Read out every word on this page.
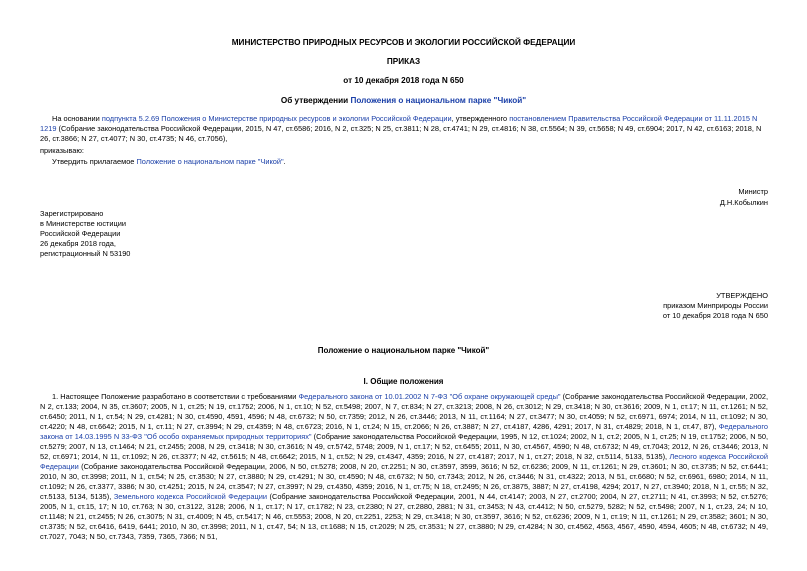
МИНИСТЕРСТВО ПРИРОДНЫХ РЕСУРСОВ И ЭКОЛОГИИ РОССИЙСКОЙ ФЕДЕРАЦИИ
ПРИКАЗ
от 10 декабря 2018 года N 650
Об утверждении Положения о национальном парке "Чикой"
На основании подпункта 5.2.69 Положения о Министерстве природных ресурсов и экологии Российской Федерации, утвержденного постановлением Правительства Российской Федерации от 11.11.2015 N 1219 (Собрание законодательства Российской Федерации, 2015, N 47, ст.6586; 2016, N 2, ст.325; N 25, ст.3811; N 28, ст.4741; N 29, ст.4816; N 38, ст.5564; N 39, ст.5658; N 49, ст.6904; 2017, N 42, ст.6163; 2018, N 26, ст.3866; N 27, ст.4077; N 30, ст.4735; N 46, ст.7056),
приказываю:
Утвердить прилагаемое Положение о национальном парке "Чикой".
Министр
Д.Н.Кобылкин
Зарегистрировано
в Министерстве юстиции
Российской Федерации
26 декабря 2018 года,
регистрационный N 53190
УТВЕРЖДЕНО
приказом Минприроды России
от 10 декабря 2018 года N 650
Положение о национальном парке "Чикой"
I. Общие положения
1. Настоящее Положение разработано в соответствии с требованиями Федерального закона от 10.01.2002 N 7-ФЗ "Об охране окружающей среды" (Собрание законодательства Российской Федерации, 2002, N 2, ст.133; 2004, N 35, ст.3607; 2005, N 1, ст.25; N 19, ст.1752; 2006, N 1, ст.10; N 52, ст.5498; 2007, N 7, ст.834; N 27, ст.3213; 2008, N 26, ст.3012; N 29, ст.3418; N 30, ст.3616; 2009, N 1, ст.17; N 11, ст.1261; N 52, ст.6450; 2011, N 1, ст.54; N 29, ст.4281; N 30, ст.4590, 4591, 4596; N 48, ст.6732; N 50, ст.7359; 2012, N 26, ст.3446; 2013, N 11, ст.1164; N 27, ст.3477; N 30, ст.4059; N 52, ст.6971, 6974; 2014, N 11, ст.1092; N 30, ст.4220; N 48, ст.6642; 2015, N 1, ст.11; N 27, ст.3994; N 29, ст.4359; N 48, ст.6723; 2016, N 1, ст.24; N 15, ст.2066; N 26, ст.3887; N 27, ст.4187, 4286, 4291; 2017, N 31, ст.4829; 2018, N 1, ст.47, 87), Федерального закона от 14.03.1995 N 33-ФЗ "Об особо охраняемых природных территориях" (Собрание законодательства Российской Федерации, 1995, N 12, ст.1024; 2002, N 1, ст.2; 2005, N 1, ст.25; N 19, ст.1752; 2006, N 50, ст.5279; 2007, N 13, ст.1464; N 21, ст.2455; 2008, N 29, ст.3418; N 30, ст.3616; N 49, ст.5742, 5748; 2009, N 1, ст.17; N 52, ст.6455; 2011, N 30, ст.4567, 4590; N 48, ст.6732; N 49, ст.7043; 2012, N 26, ст.3446; 2013, N 52, ст.6971; 2014, N 11, ст.1092; N 26, ст.3377; N 42, ст.5615; N 48, ст.6642; 2015, N 1, ст.52; N 29, ст.4347, 4359; 2016, N 27, ст.4187; 2017, N 1, ст.27; 2018, N 32, ст.5114, 5133, 5135), Лесного кодекса Российской Федерации (Собрание законодательства Российской Федерации, 2006, N 50, ст.5278; 2008, N 20, ст.2251; N 30, ст.3597, 3599, 3616; N 52, ст.6236; 2009, N 11, ст.1261; N 29, ст.3601; N 30, ст.3735; N 52, ст.6441; 2010, N 30, ст.3998; 2011, N 1, ст.54; N 25, ст.3530; N 27, ст.3880; N 29, ст.4291; N 30, ст.4590; N 48, ст.6732; N 50, ст.7343; 2012, N 26, ст.3446; N 31, ст.4322; 2013, N 51, ст.6680; N 52, ст.6961, 6980; 2014, N 11, ст.1092; N 26, ст.3377, 3386; N 30, ст.4251; 2015, N 24, ст.3547; N 27, ст.3997; N 29, ст.4350, 4359; 2016, N 1, ст.75; N 18, ст.2495; N 26, ст.3875, 3887; N 27, ст.4198, 4294; 2017, N 27, ст.3940; 2018, N 1, ст.55; N 32, ст.5133, 5134, 5135), Земельного кодекса Российской Федерации (Собрание законодательства Российской Федерации, 2001, N 44, ст.4147; 2003, N 27, ст.2700; 2004, N 27, ст.2711; N 41, ст.3993; N 52, ст.5276; 2005, N 1, ст.15, 17; N 10, ст.763; N 30, ст.3122, 3128; 2006, N 1, ст.17; N 17, ст.1782; N 23, ст.2380; N 27, ст.2880, 2881; N 31, ст.3453; N 43, ст.4412; N 50, ст.5279, 5282; N 52, ст.5498; 2007, N 1, ст.23, 24; N 10, ст.1148; N 21, ст.2455; N 26, ст.3075; N 31, ст.4009; N 45, ст.5417; N 46, ст.5553; 2008, N 20, ст.2251, 2253; N 29, ст.3418; N 30, ст.3597, 3616; N 52, ст.6236; 2009, N 1, ст.19; N 11, ст.1261; N 29, ст.3582; 3601; N 30, ст.3735; N 52, ст.6416, 6419, 6441; 2010, N 30, ст.3998; 2011, N 1, ст.47, 54; N 13, ст.1688; N 15, ст.2029; N 25, ст.3531; N 27, ст.3880; N 29, ст.4284; N 30, ст.4562, 4563, 4567, 4590, 4594, 4605; N 48, ст.6732; N 49, ст.7027, 7043; N 50, ст.7343, 7359, 7365, 7366; N 51,
